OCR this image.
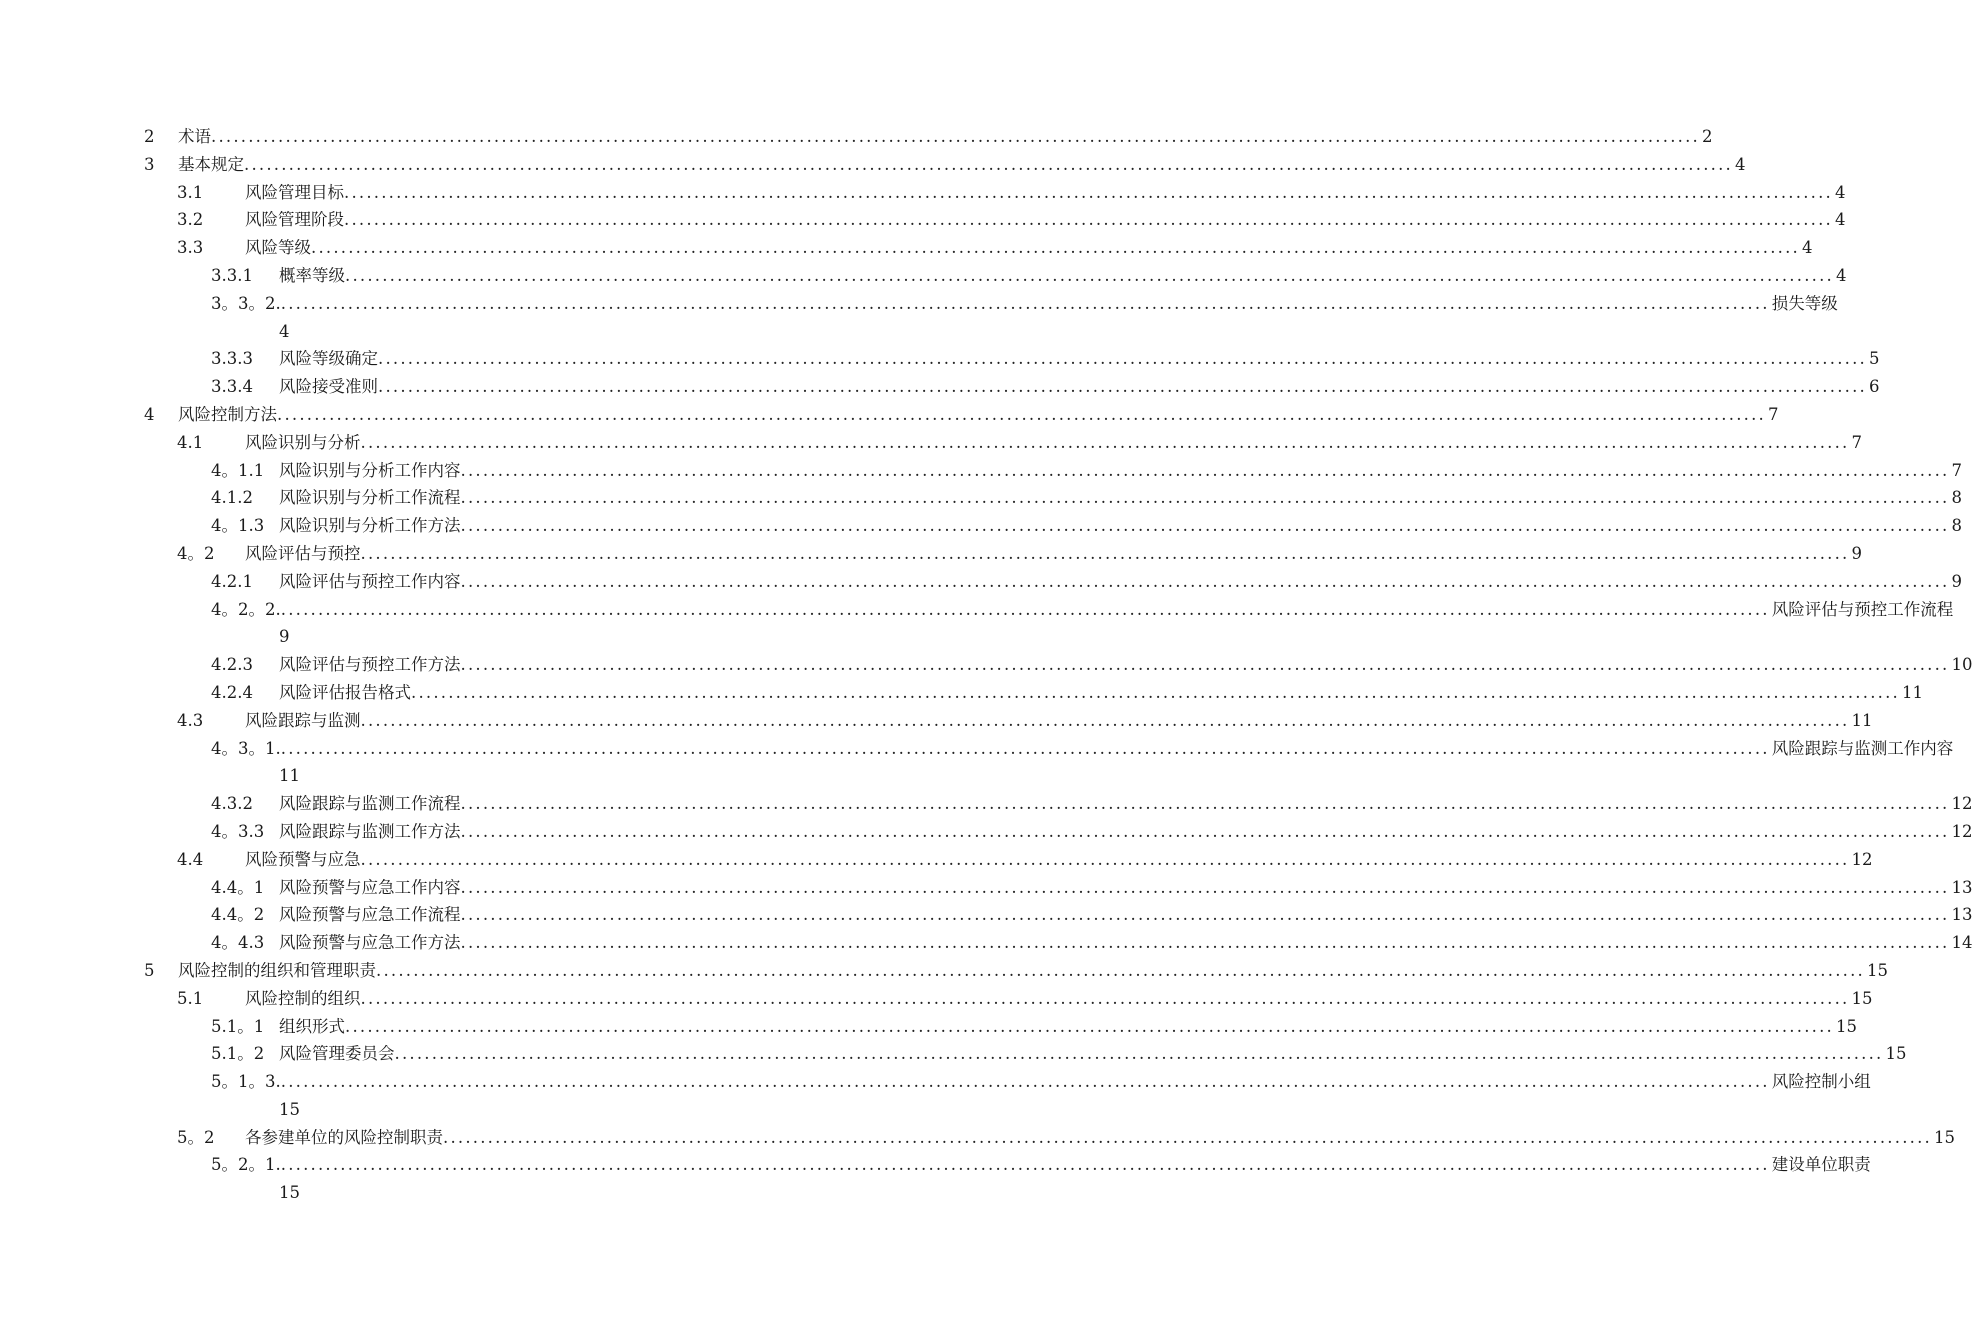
2 术语 ........................................................................................................................................................................................................ 2
3 基本规定 ........................................................................................................................................................................................................ 4
3.1	风险管理目标 ........................................................................................................................................................................................................ 4
3.2	风险管理阶段 ........................................................................................................................................................................................................ 4
3.3	风险等级 ........................................................................................................................................................................................................ 4
3.3.1 概率等级 ........................................................................................................................................................................................................ 4
3。3。2. ........................................................................................................................................................................................................ 损失等级
4
3.3.3 风险等级确定 ........................................................................................................................................................................................................ 5
3.3.4 风险接受准则 ........................................................................................................................................................................................................ 6
4 风险控制方法 ........................................................................................................................................................................................................ 7
4.1	风险识别与分析 ........................................................................................................................................................................................................ 7
4。1.1 风险识别与分析工作内容 ........................................................................................................................................................................................................ 7
4.1.2 风险识别与分析工作流程 ........................................................................................................................................................................................................ 8
4。1.3 风险识别与分析工作方法 ........................................................................................................................................................................................................ 8
4。2 风险评估与预控 ........................................................................................................................................................................................................ 9
4.2.1 风险评估与预控工作内容 ........................................................................................................................................................................................................ 9
4。2。2. ........................................................................................................................................................................................................ 风险评估与预控工作流程
9
4.2.3 风险评估与预控工作方法 ........................................................................................................................................................................................................ 10
4.2.4 风险评估报告格式 ........................................................................................................................................................................................................ 11
4.3	风险跟踪与监测 ........................................................................................................................................................................................................ 11
4。3。1. ........................................................................................................................................................................................................ 风险跟踪与监测工作内容
11
4.3.2 风险跟踪与监测工作流程 ........................................................................................................................................................................................................ 12
4。3.3 风险跟踪与监测工作方法 ........................................................................................................................................................................................................ 12
4.4	风险预警与应急 ........................................................................................................................................................................................................ 12
4.4。1 风险预警与应急工作内容 ........................................................................................................................................................................................................ 13
4.4。2 风险预警与应急工作流程 ........................................................................................................................................................................................................ 13
4。4.3 风险预警与应急工作方法 ........................................................................................................................................................................................................ 14
5 风险控制的组织和管理职责 ........................................................................................................................................................................................................ 15
5.1	风险控制的组织 ........................................................................................................................................................................................................ 15
5.1。1 组织形式 ........................................................................................................................................................................................................ 15
5.1。2 风险管理委员会 ........................................................................................................................................................................................................ 15
5。1。3. ........................................................................................................................................................................................................ 风险控制小组
15
5。2 各参建单位的风险控制职责 ........................................................................................................................................................................................................ 15
5。2。1. ........................................................................................................................................................................................................ 建设单位职责
15
